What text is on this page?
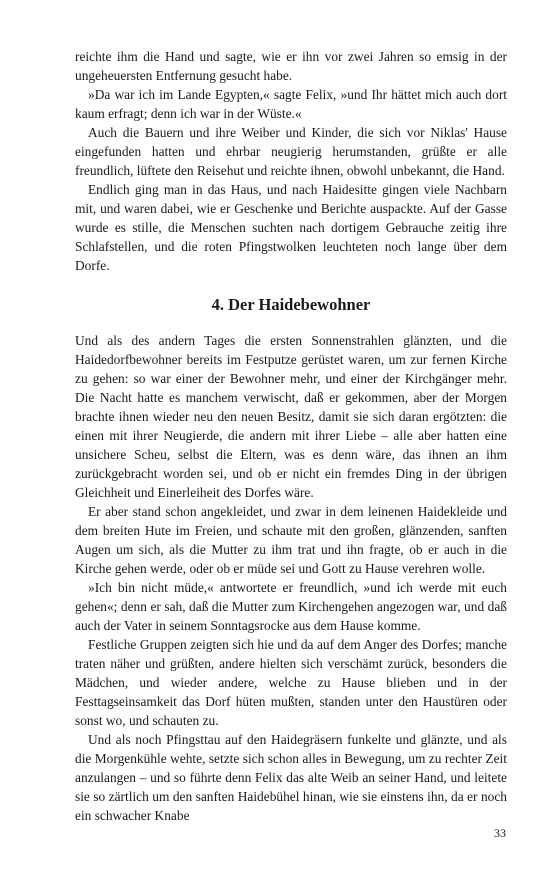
reichte ihm die Hand und sagte, wie er ihn vor zwei Jahren so emsig in der ungeheuersten Entfernung gesucht habe.

»Da war ich im Lande Egypten,« sagte Felix, »und Ihr hättet mich auch dort kaum erfragt; denn ich war in der Wüste.«

Auch die Bauern und ihre Weiber und Kinder, die sich vor Niklas' Hause eingefunden hatten und ehrbar neugierig herumstanden, grüßte er alle freundlich, lüftete den Reisehut und reichte ihnen, obwohl unbekannt, die Hand.

Endlich ging man in das Haus, und nach Haidesitte gingen viele Nachbarn mit, und waren dabei, wie er Geschenke und Berichte auspackte. Auf der Gasse wurde es stille, die Menschen suchten nach dortigem Gebrauche zeitig ihre Schlafstellen, und die roten Pfingstwolken leuchteten noch lange über dem Dorfe.

4. Der Haidebewohner

Und als des andern Tages die ersten Sonnenstrahlen glänzten, und die Haidedorfbewohner bereits im Festputze gerüstet waren, um zur fernen Kirche zu gehen: so war einer der Bewohner mehr, und einer der Kirchgänger mehr. Die Nacht hatte es manchem verwischt, daß er gekommen, aber der Morgen brachte ihnen wieder neu den neuen Besitz, damit sie sich daran ergötzten: die einen mit ihrer Neugierde, die andern mit ihrer Liebe – alle aber hatten eine unsichere Scheu, selbst die Eltern, was es denn wäre, das ihnen an ihm zurückgebracht worden sei, und ob er nicht ein fremdes Ding in der übrigen Gleichheit und Einerleiheit des Dorfes wäre.

Er aber stand schon angekleidet, und zwar in dem leinenen Haidekleide und dem breiten Hute im Freien, und schaute mit den großen, glänzenden, sanften Augen um sich, als die Mutter zu ihm trat und ihn fragte, ob er auch in die Kirche gehen werde, oder ob er müde sei und Gott zu Hause verehren wolle.

»Ich bin nicht müde,« antwortete er freundlich, »und ich werde mit euch gehen«; denn er sah, daß die Mutter zum Kirchengehen angezogen war, und daß auch der Vater in seinem Sonntagsrocke aus dem Hause komme.

Festliche Gruppen zeigten sich hie und da auf dem Anger des Dorfes; manche traten näher und grüßten, andere hielten sich verschämt zurück, besonders die Mädchen, und wieder andere, welche zu Hause blieben und in der Festtagseinsamkeit das Dorf hüten mußten, standen unter den Haustüren oder sonst wo, und schauten zu.

Und als noch Pfingsttau auf den Haidegräsern funkelte und glänzte, und als die Morgenkühle wehte, setzte sich schon alles in Bewegung, um zu rechter Zeit anzulangen – und so führte denn Felix das alte Weib an seiner Hand, und leitete sie so zärtlich um den sanften Haidebühel hinan, wie sie einstens ihn, da er noch ein schwacher Knabe

33
